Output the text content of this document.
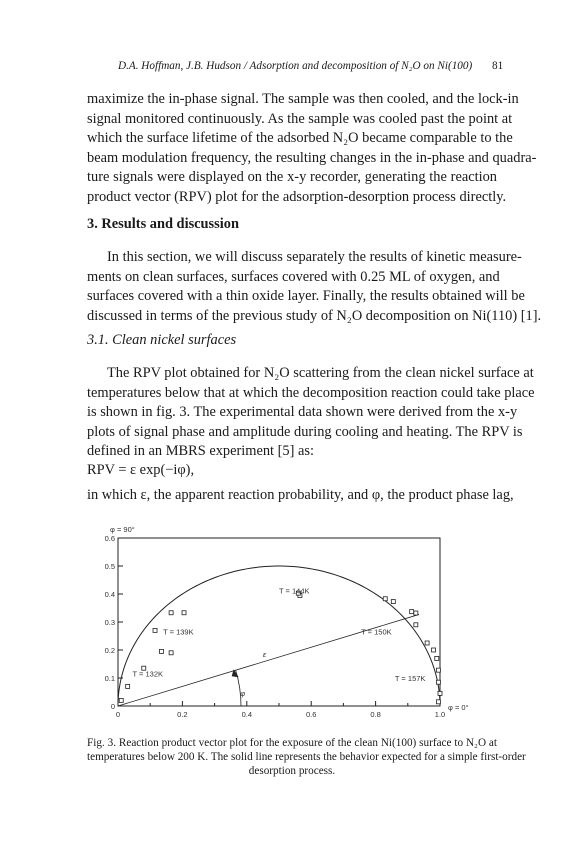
D.A. Hoffman, J.B. Hudson / Adsorption and decomposition of N₂O on Ni(100) 81
maximize the in-phase signal. The sample was then cooled, and the lock-in
signal monitored continuously. As the sample was cooled past the point at
which the surface lifetime of the adsorbed N₂O became comparable to the
beam modulation frequency, the resulting changes in the in-phase and quadra-
ture signals were displayed on the x-y recorder, generating the reaction
product vector (RPV) plot for the adsorption-desorption process directly.
3. Results and discussion
In this section, we will discuss separately the results of kinetic measure-
ments on clean surfaces, surfaces covered with 0.25 ML of oxygen, and
surfaces covered with a thin oxide layer. Finally, the results obtained will be
discussed in terms of the previous study of N₂O decomposition on Ni(110) [1].
3.1. Clean nickel surfaces
The RPV plot obtained for N₂O scattering from the clean nickel surface at
temperatures below that at which the decomposition reaction could take place
is shown in fig. 3. The experimental data shown were derived from the x-y
plots of signal phase and amplitude during cooling and heating. The RPV is
defined in an MBRS experiment [5] as:
RPV = ε exp(−iφ),
in which ε, the apparent reaction probability, and φ, the product phase lag,
0	0.2	0.4	0.6	0.8	1.0
0
0.1
0.2
0.3
0.4
0.5
0.6
φ = 90°
φ = 0°
T = 132K
T = 139K
T = 144K
T = 150K
T = 157K
ε
φ
Fig. 3. Reaction product vector plot for the exposure of the clean Ni(100) surface to N₂O at
temperatures below 200 K. The solid line represents the behavior expected for a simple first-order
desorption process.
